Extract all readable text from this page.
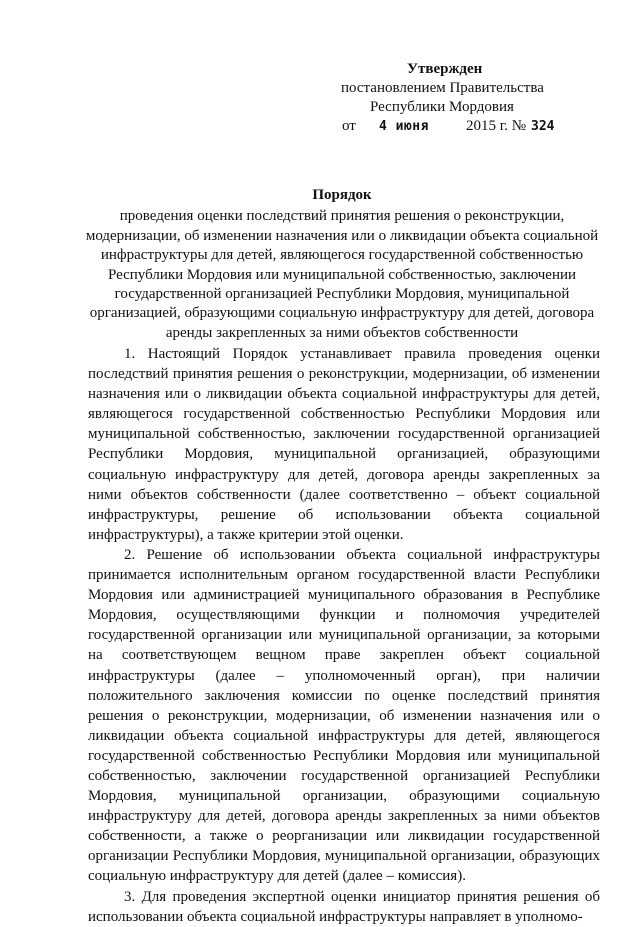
Утвержден
постановлением Правительства
Республики Мордовия
от 4 июня 2015 г. № 324
Порядок
проведения оценки последствий принятия решения о реконструкции, модернизации, об изменении назначения или о ликвидации объекта социальной инфраструктуры для детей, являющегося государственной собственностью Республики Мордовия или муниципальной собственностью, заключении государственной организацией Республики Мордовия, муниципальной организацией, образующими социальную инфраструктуру для детей, договора аренды закрепленных за ними объектов собственности

1. Настоящий Порядок устанавливает правила проведения оценки последствий принятия решения о реконструкции, модернизации, об изменении назначения или о ликвидации объекта социальной инфраструктуры для детей, являющегося государственной собственностью Республики Мордовия или муниципальной собственностью, заключении государственной организацией Республики Мордовия, муниципальной организацией, образующими социальную инфраструктуру для детей, договора аренды закрепленных за ними объектов собственности (далее соответственно – объект социальной инфраструктуры, решение об использовании объекта социальной инфраструктуры), а также критерии этой оценки.

2. Решение об использовании объекта социальной инфраструктуры принимается исполнительным органом государственной власти Республики Мордовия или администрацией муниципального образования в Республике Мордовия, осуществляющими функции и полномочия учредителей государственной организации или муниципальной организации, за которыми на соответствующем вещном праве закреплен объект социальной инфраструктуры (далее – уполномоченный орган), при наличии положительного заключения комиссии по оценке последствий принятия решения о реконструкции, модернизации, об изменении назначения или о ликвидации объекта социальной инфраструктуры для детей, являющегося государственной собственностью Республики Мордовия или муниципальной собственностью, заключении государственной организацией Республики Мордовия, муниципальной организации, образующими социальную инфраструктуру для детей, договора аренды закрепленных за ними объектов собственности, а также о реорганизации или ликвидации государственной организации Республики Мордовия, муниципальной организации, образующих социальную инфраструктуру для детей (далее – комиссия).

3. Для проведения экспертной оценки инициатор принятия решения об использовании объекта социальной инфраструктуры направляет в уполномо-
